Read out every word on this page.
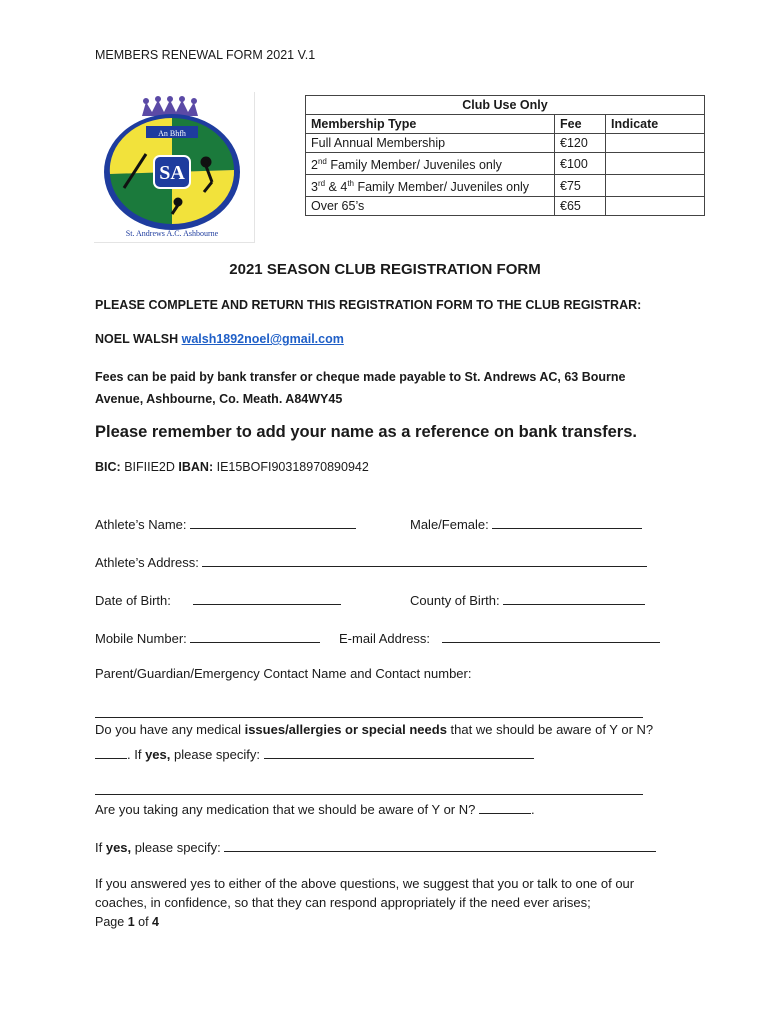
MEMBERS RENEWAL FORM 2021 V.1
An Bhfh
SA
St. Andrews A.C. Ashbourne
Club Use Only		
Membership Type	Fee	Indicate
Full Annual Membership	€120	
2nd Family Member/ Juveniles only	€100	
3rd & 4th Family Member/ Juveniles only	€75	
Over 65’s	€65	
2021 SEASON CLUB REGISTRATION FORM
PLEASE COMPLETE AND RETURN THIS REGISTRATION FORM TO THE CLUB REGISTRAR:
NOEL WALSH walsh1892noel@gmail.com
Fees can be paid by bank transfer or cheque made payable to St. Andrews AC, 63 Bourne
Avenue, Ashbourne, Co. Meath. A84WY45
Please remember to add your name as a reference on bank transfers.
BIC: BIFIIE2D IBAN: IE15BOFI90318970890942
Athlete’s Name:	Male/Female:
Athlete’s Address:
Date of Birth:	County of Birth:
Mobile Number:	E-mail Address:
Parent/Guardian/Emergency Contact Name and Contact number:
Do you have any medical issues/allergies or special needs that we should be aware of Y or N?
. If yes, please specify:
Are you taking any medication that we should be aware of Y or N?	.
If yes, please specify:
If you answered yes to either of the above questions, we suggest that you or talk to one of our
coaches, in confidence, so that they can respond appropriately if the need ever arises;
Page 1 of 4
